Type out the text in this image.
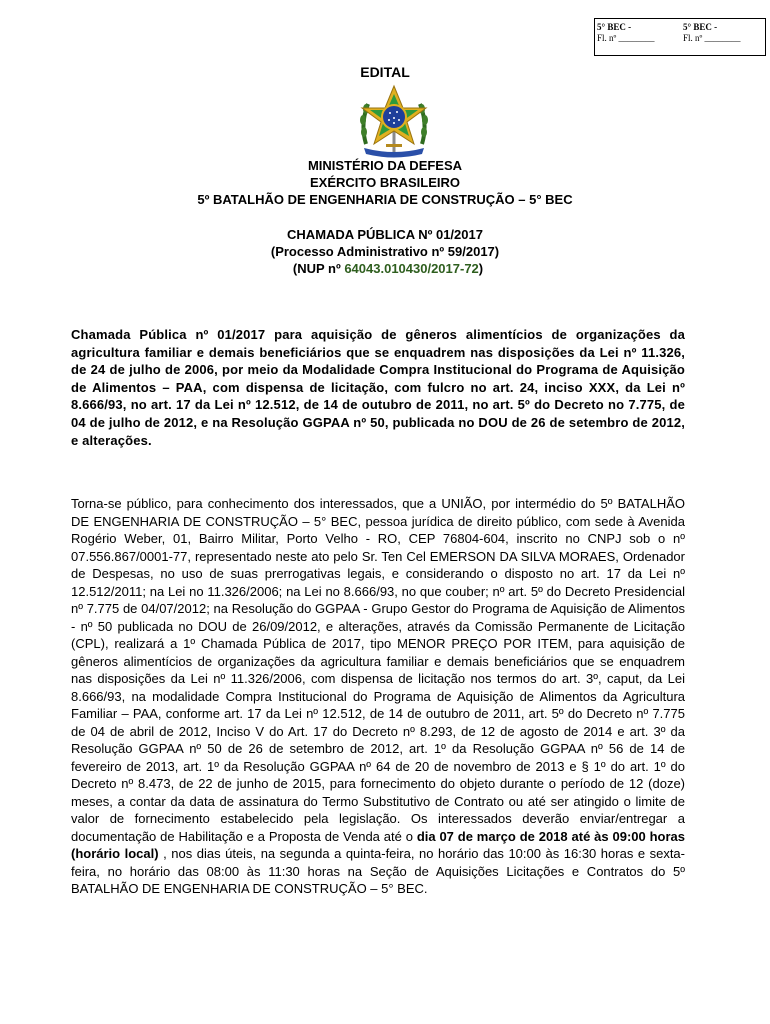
5° BEC -
Fl. nº ________
5° BEC -
Fl. nº ________
EDITAL
MINISTÉRIO DA DEFESA
EXÉRCITO BRASILEIRO
5º BATALHÃO DE ENGENHARIA DE CONSTRUÇÃO – 5° BEC
CHAMADA PÚBLICA Nº 01/2017
(Processo Administrativo nº 59/2017)
(NUP nº 64043.010430/2017-72)
Chamada Pública nº 01/2017 para aquisição de gêneros alimentícios de organizações da agricultura familiar e demais beneficiários que se enquadrem nas disposições da Lei nº 11.326, de 24 de julho de 2006, por meio da Modalidade Compra Institucional do Programa de Aquisição de Alimentos – PAA, com dispensa de licitação, com fulcro no art. 24, inciso XXX, da Lei nº 8.666/93, no art. 17 da Lei nº 12.512, de 14 de outubro de 2011, no art. 5º do Decreto no 7.775, de 04 de julho de 2012, e na Resolução GGPAA nº 50, publicada no DOU de 26 de setembro de 2012, e alterações.
Torna-se público, para conhecimento dos interessados, que a UNIÃO, por intermédio do 5º BATALHÃO DE ENGENHARIA DE CONSTRUÇÃO – 5° BEC, pessoa jurídica de direito público, com sede à Avenida Rogério Weber, 01, Bairro Militar, Porto Velho - RO, CEP 76804-604, inscrito no CNPJ sob o nº 07.556.867/0001-77, representado neste ato pelo Sr. Ten Cel EMERSON DA SILVA MORAES, Ordenador de Despesas, no uso de suas prerrogativas legais, e considerando o disposto no art. 17 da Lei nº 12.512/2011; na Lei no 11.326/2006; na Lei no 8.666/93, no que couber; nº art. 5º do Decreto Presidencial nº 7.775 de 04/07/2012; na Resolução do GGPAA - Grupo Gestor do Programa de Aquisição de Alimentos - nº 50 publicada no DOU de 26/09/2012, e alterações, através da Comissão Permanente de Licitação (CPL), realizará a 1º Chamada Pública de 2017, tipo MENOR PREÇO POR ITEM, para aquisição de gêneros alimentícios de organizações da agricultura familiar e demais beneficiários que se enquadrem nas disposições da Lei nº 11.326/2006, com dispensa de licitação nos termos do art. 3º, caput, da Lei 8.666/93, na modalidade Compra Institucional do Programa de Aquisição de Alimentos da Agricultura Familiar – PAA, conforme art. 17 da Lei nº 12.512, de 14 de outubro de 2011, art. 5º do Decreto nº 7.775 de 04 de abril de 2012, Inciso V do Art. 17 do Decreto nº 8.293, de 12 de agosto de 2014 e art. 3º da Resolução GGPAA nº 50 de 26 de setembro de 2012, art. 1º da Resolução GGPAA nº 56 de 14 de fevereiro de 2013, art. 1º da Resolução GGPAA nº 64 de 20 de novembro de 2013 e § 1º do art. 1º do Decreto nº 8.473, de 22 de junho de 2015, para fornecimento do objeto durante o período de 12 (doze) meses, a contar da data de assinatura do Termo Substitutivo de Contrato ou até ser atingido o limite de valor de fornecimento estabelecido pela legislação. Os interessados deverão enviar/entregar a documentação de Habilitação e a Proposta de Venda até o dia 07 de março de 2018 até às 09:00 horas (horário local) , nos dias úteis, na segunda a quinta-feira, no horário das 10:00 às 16:30 horas e sexta-feira, no horário das 08:00 às 11:30 horas na Seção de Aquisições Licitações e Contratos do 5º BATALHÃO DE ENGENHARIA DE CONSTRUÇÃO – 5° BEC.
